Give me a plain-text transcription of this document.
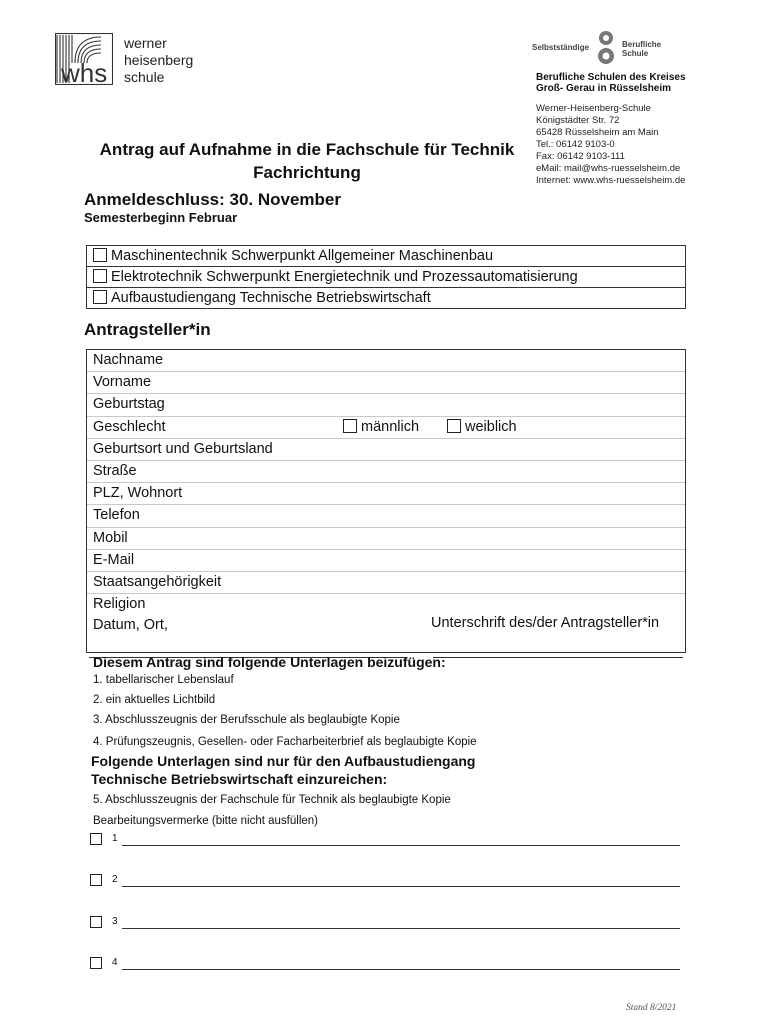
whs
werner
heisenberg
schule
Selbstständige	Berufliche
Schule
Berufliche Schulen des Kreises
Groß- Gerau in Rüsselsheim
Werner-Heisenberg-Schule
Königstädter Str. 72
65428 Rüsselsheim am Main
Tel.: 06142 9103-0
Fax: 06142 9103-111
eMail: mail@whs-ruesselsheim.de
Internet: www.whs-ruesselsheim.de
Antrag auf Aufnahme in die Fachschule für Technik
Fachrichtung
Anmeldeschluss: 30. November
Semesterbeginn Februar
Maschinentechnik Schwerpunkt Allgemeiner Maschinenbau
Elektrotechnik Schwerpunkt Energietechnik und Prozessautomatisierung
Aufbaustudiengang Technische Betriebswirtschaft
Antragsteller*in
Nachname
Vorname
Geburtstag
Geschlecht	männlich	weiblich
Geburtsort und Geburtsland
Straße
PLZ, Wohnort
Telefon
Mobil
E-Mail
Staatsangehörigkeit
Religion
Datum, Ort,	Unterschrift des/der Antragsteller*in
Diesem Antrag sind folgende Unterlagen beizufügen:
1. tabellarischer Lebenslauf
2. ein aktuelles Lichtbild
3. Abschlusszeugnis der Berufsschule als beglaubigte Kopie
4. Prüfungszeugnis, Gesellen- oder Facharbeiterbrief als beglaubigte Kopie
Folgende Unterlagen sind nur für den Aufbaustudiengang
Technische Betriebswirtschaft einzureichen:
5. Abschlusszeugnis der Fachschule für Technik als beglaubigte Kopie
Bearbeitungsvermerke (bitte nicht ausfüllen)
1
2
3
4
Stand 8/2021
